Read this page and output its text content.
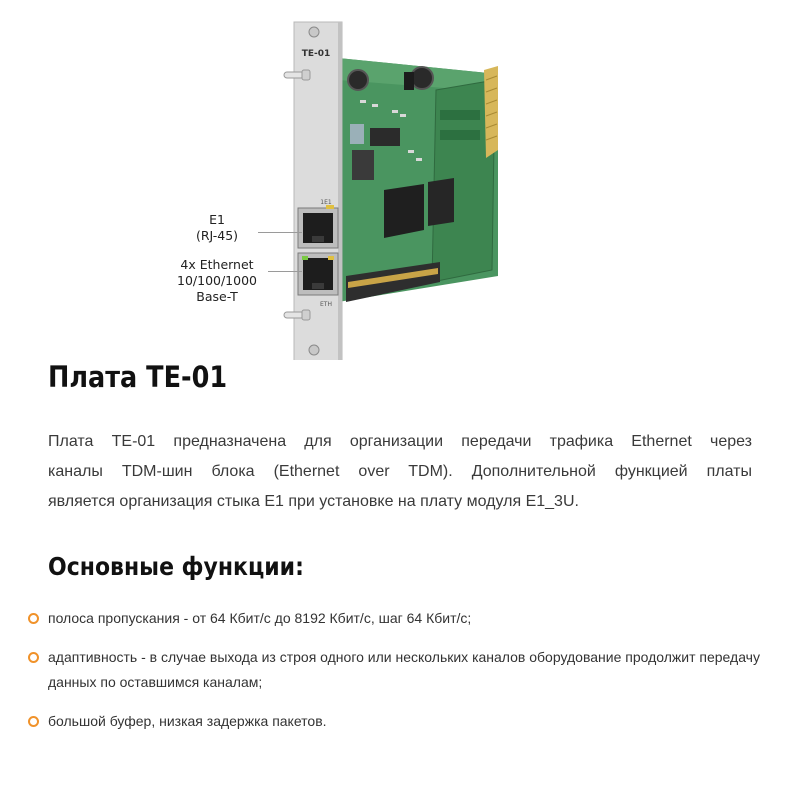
TE-01
1E1
ETH
E1
(RJ-45)
4x Ethernet
10/100/1000
Base-T
Плата TE-01

Плата TE-01 предназначена для организации передачи трафика Ethernet через
каналы TDM-шин блока (Ethernet over TDM). Дополнительной функцией платы
является организация стыка E1 при установке на плату модуля E1_3U.

Основные функции:
полоса пропускания - от 64 Кбит/с до 8192 Кбит/с, шаг 64 Кбит/с;
адаптивность - в случае выхода из строя одного или нескольких каналов оборудование продолжит передачу данных по оставшимся каналам;
большой буфер, низкая задержка пакетов.
